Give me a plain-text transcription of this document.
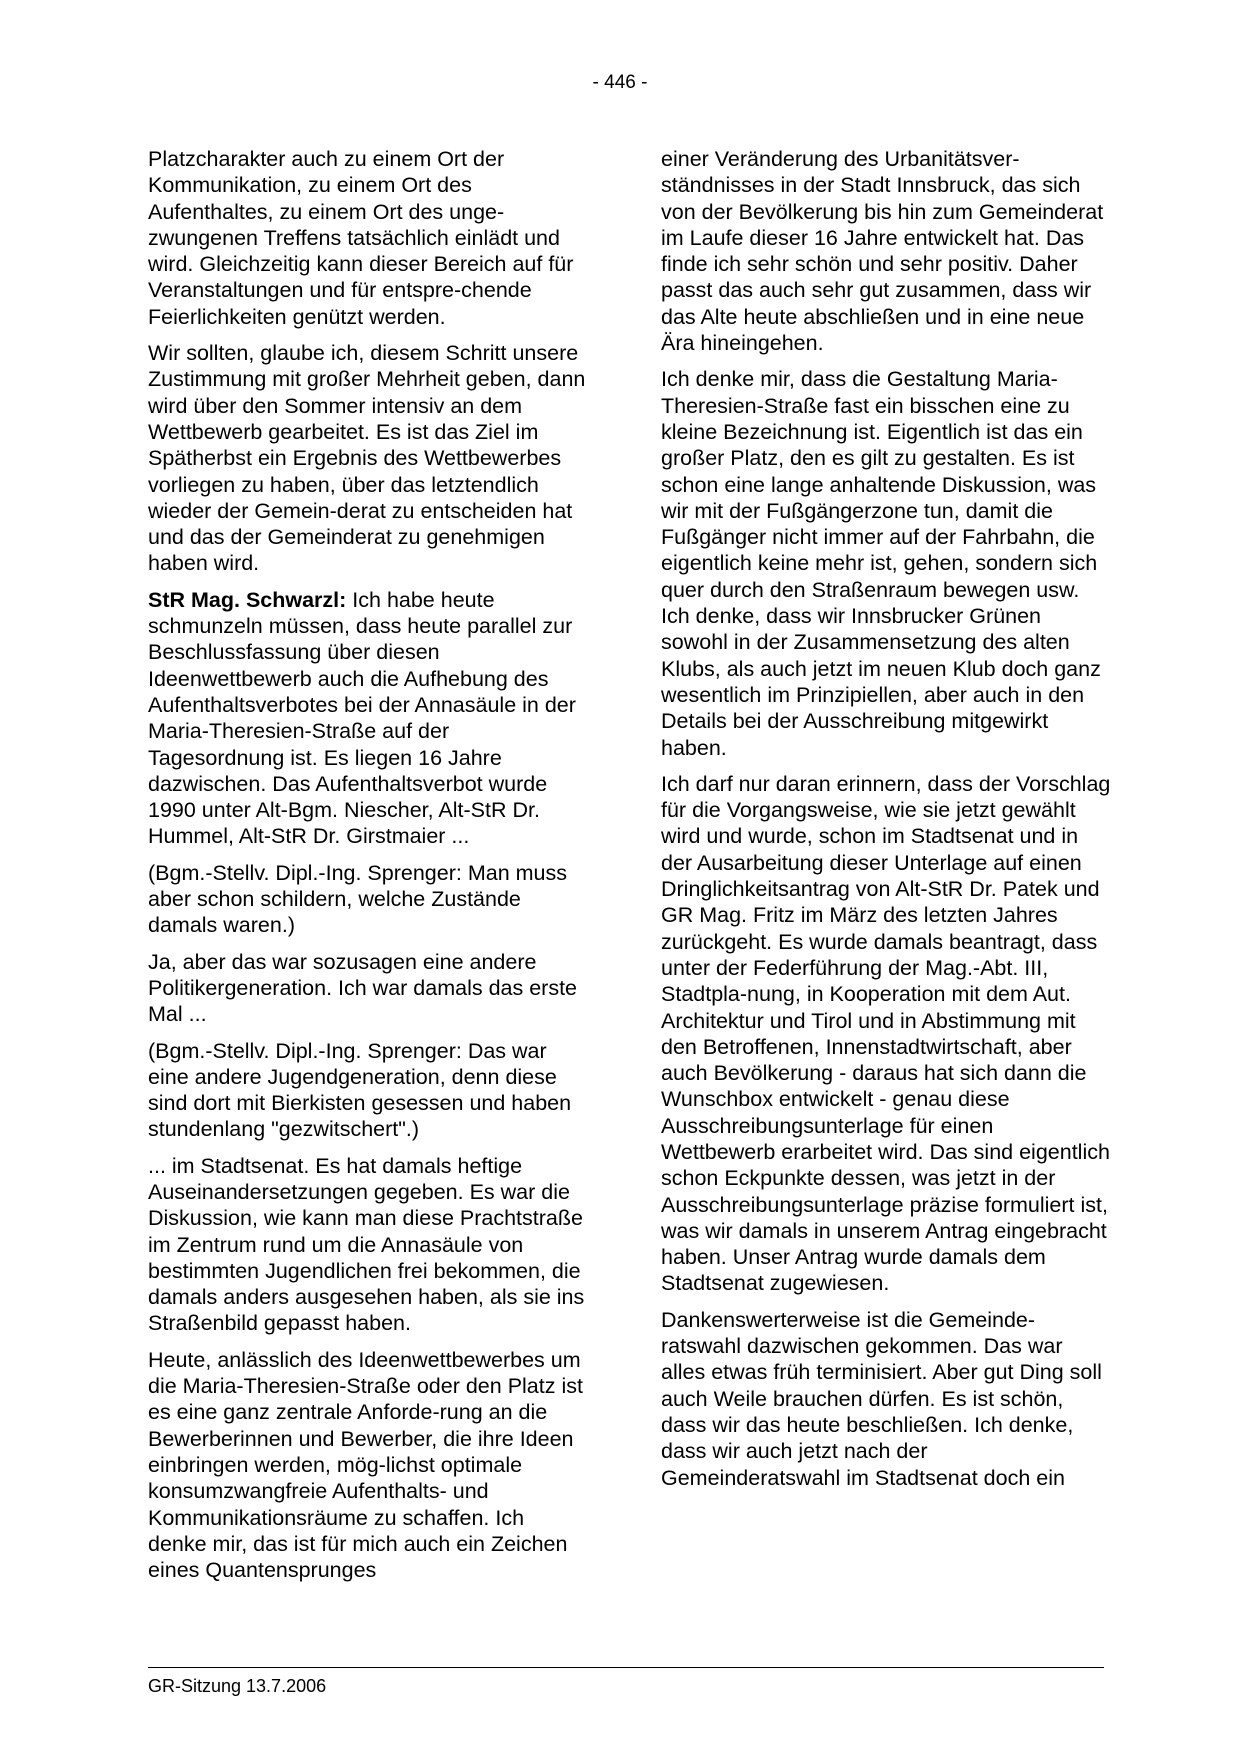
- 446 -

Platzcharakter auch zu einem Ort der Kommunikation, zu einem Ort des Aufenthaltes, zu einem Ort des unge-zwungenen Treffens tatsächlich einlädt und wird. Gleichzeitig kann dieser Bereich auf für Veranstaltungen und für entspre-chende Feierlichkeiten genützt werden.

Wir sollten, glaube ich, diesem Schritt unsere Zustimmung mit großer Mehrheit geben, dann wird über den Sommer intensiv an dem Wettbewerb gearbeitet. Es ist das Ziel im Spätherbst ein Ergebnis des Wettbewerbes vorliegen zu haben, über das letztendlich wieder der Gemein-derat zu entscheiden hat und das der Gemeinderat zu genehmigen haben wird.

StR Mag. Schwarzl: Ich habe heute schmunzeln müssen, dass heute parallel zur Beschlussfassung über diesen Ideenwettbewerb auch die Aufhebung des Aufenthaltsverbotes bei der Annasäule in der Maria-Theresien-Straße auf der Tagesordnung ist. Es liegen 16 Jahre dazwischen. Das Aufenthaltsverbot wurde 1990 unter Alt-Bgm. Niescher, Alt-StR Dr. Hummel, Alt-StR Dr. Girstmaier ...

(Bgm.-Stellv. Dipl.-Ing. Sprenger: Man muss aber schon schildern, welche Zustände damals waren.)

Ja, aber das war sozusagen eine andere Politikergeneration. Ich war damals das erste Mal ...

(Bgm.-Stellv. Dipl.-Ing. Sprenger: Das war eine andere Jugendgeneration, denn diese sind dort mit Bierkisten gesessen und haben stundenlang "gezwitschert".)

... im Stadtsenat. Es hat damals heftige Auseinandersetzungen gegeben. Es war die Diskussion, wie kann man diese Prachtstraße im Zentrum rund um die Annasäule von bestimmten Jugendlichen frei bekommen, die damals anders ausgesehen haben, als sie ins Straßenbild gepasst haben.

Heute, anlässlich des Ideenwettbewerbes um die Maria-Theresien-Straße oder den Platz ist es eine ganz zentrale Anforde-rung an die Bewerberinnen und Bewerber, die ihre Ideen einbringen werden, mög-lichst optimale konsumzwangfreie Aufenthalts- und Kommunikationsräume zu schaffen. Ich denke mir, das ist für mich auch ein Zeichen eines Quantensprunges

einer Veränderung des Urbanitätsver-ständnisses in der Stadt Innsbruck, das sich von der Bevölkerung bis hin zum Gemeinderat im Laufe dieser 16 Jahre entwickelt hat. Das finde ich sehr schön und sehr positiv. Daher passt das auch sehr gut zusammen, dass wir das Alte heute abschließen und in eine neue Ära hineingehen.

Ich denke mir, dass die Gestaltung Maria-Theresien-Straße fast ein bisschen eine zu kleine Bezeichnung ist. Eigentlich ist das ein großer Platz, den es gilt zu gestalten. Es ist schon eine lange anhaltende Diskussion, was wir mit der Fußgängerzone tun, damit die Fußgänger nicht immer auf der Fahrbahn, die eigentlich keine mehr ist, gehen, sondern sich quer durch den Straßenraum bewegen usw. Ich denke, dass wir Innsbrucker Grünen sowohl in der Zusammensetzung des alten Klubs, als auch jetzt im neuen Klub doch ganz wesentlich im Prinzipiellen, aber auch in den Details bei der Ausschreibung mitgewirkt haben.

Ich darf nur daran erinnern, dass der Vorschlag für die Vorgangsweise, wie sie jetzt gewählt wird und wurde, schon im Stadtsenat und in der Ausarbeitung dieser Unterlage auf einen Dringlichkeitsantrag von Alt-StR Dr. Patek und GR Mag. Fritz im März des letzten Jahres zurückgeht. Es wurde damals beantragt, dass unter der Federführung der Mag.-Abt. III, Stadtpla-nung, in Kooperation mit dem Aut. Architektur und Tirol und in Abstimmung mit den Betroffenen, Innenstadtwirtschaft, aber auch Bevölkerung - daraus hat sich dann die Wunschbox entwickelt - genau diese Ausschreibungsunterlage für einen Wettbewerb erarbeitet wird. Das sind eigentlich schon Eckpunkte dessen, was jetzt in der Ausschreibungsunterlage präzise formuliert ist, was wir damals in unserem Antrag eingebracht haben. Unser Antrag wurde damals dem Stadtsenat zugewiesen.

Dankenswerterweise ist die Gemeinde-ratswahl dazwischen gekommen. Das war alles etwas früh terminisiert. Aber gut Ding soll auch Weile brauchen dürfen. Es ist schön, dass wir das heute beschließen. Ich denke, dass wir auch jetzt nach der Gemeinderatswahl im Stadtsenat doch ein

GR-Sitzung 13.7.2006
